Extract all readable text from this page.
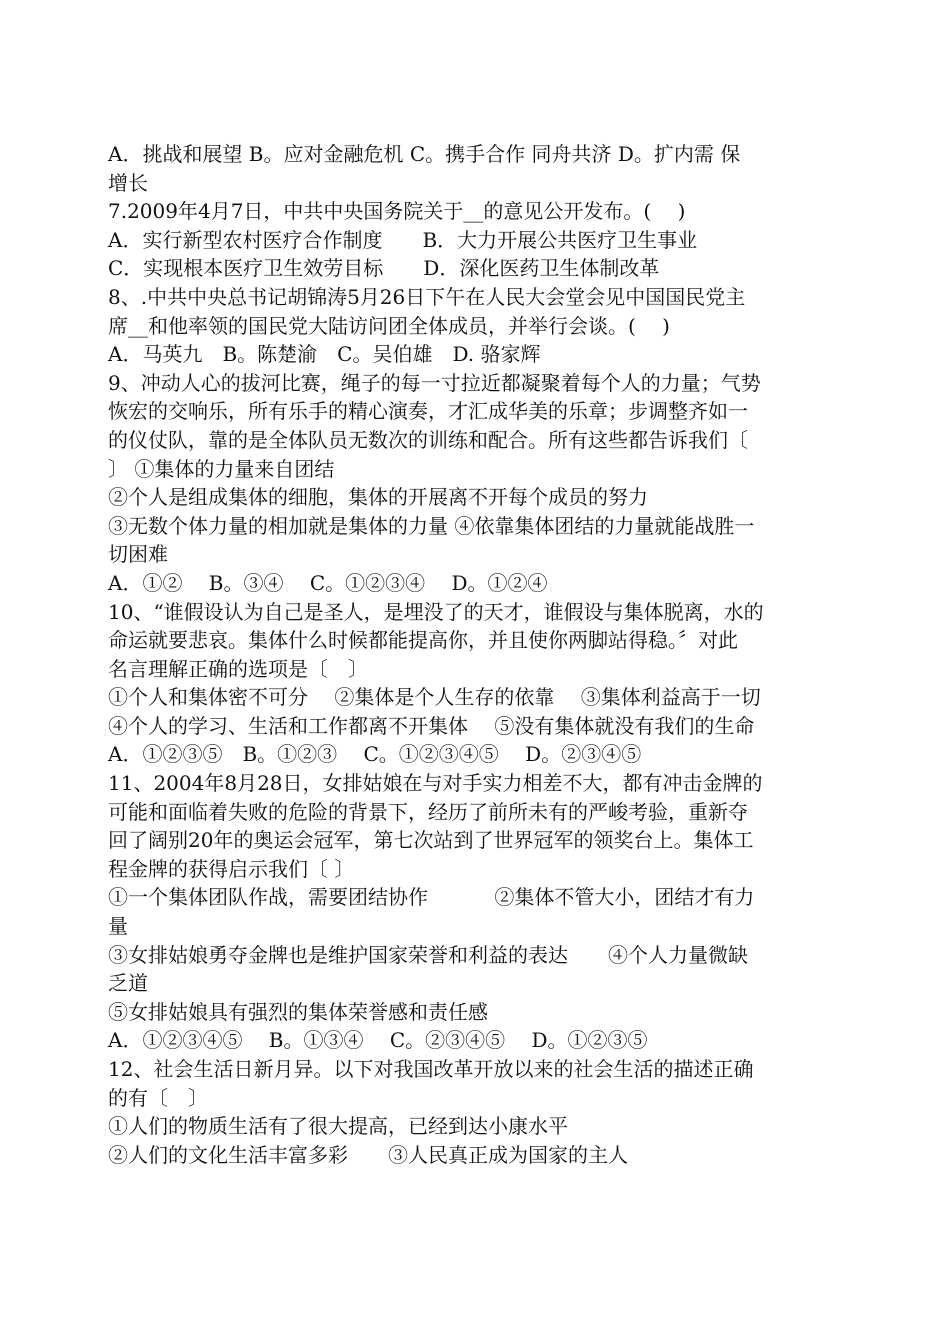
A．挑战和展望 B。应对金融危机 C。携手合作 同舟共济 D。扩内需 保
增长
7.2009年4月7日，中共中央国务院关于__的意见公开发布。(　 )
A．实行新型农村医疗合作制度　　B．大力开展公共医疗卫生事业
C．实现根本医疗卫生效劳目标　　D．深化医药卫生体制改革
8、.中共中央总书记胡锦涛5月26日下午在人民大会堂会见中国国民党主
席__和他率领的国民党大陆访问团全体成员，并举行会谈。(　 )
A．马英九　B。陈楚渝　C。吴伯雄　D. 骆家辉
9、冲动人心的拔河比赛，绳子的每一寸拉近都凝聚着每个人的力量；气势
恢宏的交响乐，所有乐手的精心演奏，才汇成华美的乐章；步调整齐如一
的仪仗队，靠的是全体队员无数次的训练和配合。所有这些都告诉我们〔
〕 ①集体的力量来自团结
②个人是组成集体的细胞，集体的开展离不开每个成员的努力
③无数个体力量的相加就是集体的力量 ④依靠集体团结的力量就能战胜一
切困难
A．①②　 B。③④　 C。①②③④　 D。①②④
10、“谁假设认为自己是圣人，是埋没了的天才，谁假设与集体脱离，水的
命运就要悲哀。集体什么时候都能提高你，并且使你两脚站得稳。〞对此
名言理解正确的选项是〔　〕
①个人和集体密不可分　 ②集体是个人生存的依靠　 ③集体利益高于一切
④个人的学习、生活和工作都离不开集体　 ⑤没有集体就没有我们的生命
A．①②③⑤　B。①②③　 C。①②③④⑤　 D。②③④⑤
11、2004年8月28日，女排姑娘在与对手实力相差不大，都有冲击金牌的
可能和面临着失败的危险的背景下，经历了前所未有的严峻考验，重新夺
回了阔别20年的奥运会冠军，第七次站到了世界冠军的领奖台上。集体工
程金牌的获得启示我们〔 〕
①一个集体团队作战，需要团结协作　　　 ②集体不管大小，团结才有力
量
③女排姑娘勇夺金牌也是维护国家荣誉和利益的表达　　④个人力量微缺
乏道
⑤女排姑娘具有强烈的集体荣誉感和责任感
A．①②③④⑤　 B。①③④　 C。②③④⑤　 D。①②③⑤
12、社会生活日新月异。以下对我国改革开放以来的社会生活的描述正确
的有〔　〕
①人们的物质生活有了很大提高，已经到达小康水平
②人们的文化生活丰富多彩　　③人民真正成为国家的主人
